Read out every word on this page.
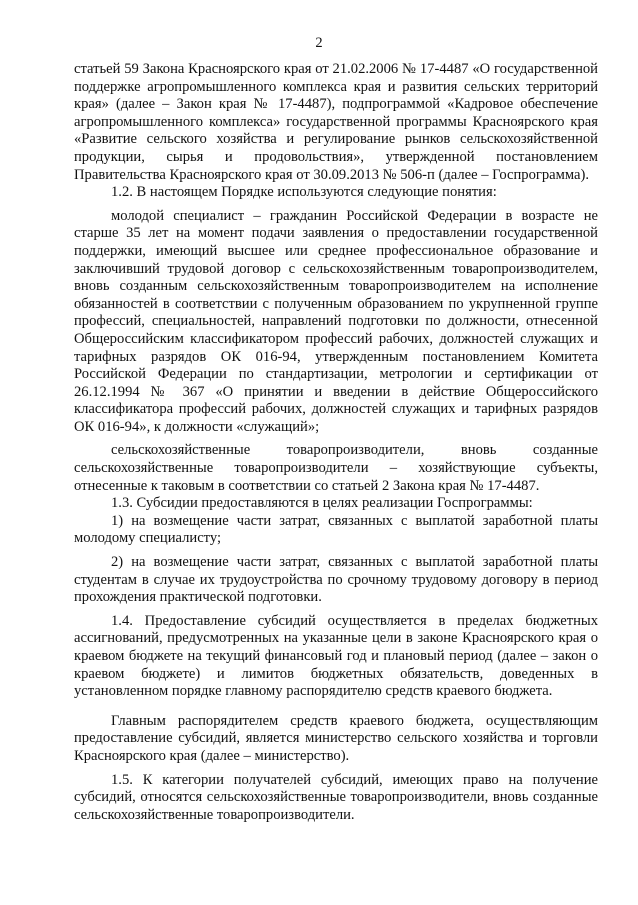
2

статьей 59 Закона Красноярского края от 21.02.2006 № 17-4487 «О государственной поддержке агропромышленного комплекса края и развития сельских территорий края» (далее – Закон края № 17-4487), подпрограммой «Кадровое обеспечение агропромышленного комплекса» государственной программы Красноярского края «Развитие сельского хозяйства и регулирование рынков сельскохозяйственной продукции, сырья и продовольствия», утвержденной постановлением Правительства Красноярского края от 30.09.2013 № 506-п (далее – Госпрограмма).

1.2. В настоящем Порядке используются следующие понятия:

молодой специалист – гражданин Российской Федерации в возрасте не старше 35 лет на момент подачи заявления о предоставлении государственной поддержки, имеющий высшее или среднее профессиональное образование и заключивший трудовой договор с сельскохозяйственным товаропроизводителем, вновь созданным сельскохозяйственным товаропроизводителем на исполнение обязанностей в соответствии с полученным образованием по укрупненной группе профессий, специальностей, направлений подготовки по должности, отнесенной Общероссийским классификатором профессий рабочих, должностей служащих и тарифных разрядов ОК 016-94, утвержденным постановлением Комитета Российской Федерации по стандартизации, метрологии и сертификации от 26.12.1994 № 367 «О принятии и введении в действие Общероссийского классификатора профессий рабочих, должностей служащих и тарифных разрядов ОК 016-94», к должности «служащий»;

сельскохозяйственные товаропроизводители, вновь созданные сельскохозяйственные товаропроизводители – хозяйствующие субъекты, отнесенные к таковым в соответствии со статьей 2 Закона края № 17-4487.

1.3. Субсидии предоставляются в целях реализации Госпрограммы:

1) на возмещение части затрат, связанных с выплатой заработной платы молодому специалисту;

2) на возмещение части затрат, связанных с выплатой заработной платы студентам в случае их трудоустройства по срочному трудовому договору в период прохождения практической подготовки.

1.4. Предоставление субсидий осуществляется в пределах бюджетных ассигнований, предусмотренных на указанные цели в законе Красноярского края о краевом бюджете на текущий финансовый год и плановый период (далее – закон о краевом бюджете) и лимитов бюджетных обязательств, доведенных в установленном порядке главному распорядителю средств краевого бюджета.

Главным распорядителем средств краевого бюджета, осуществляющим предоставление субсидий, является министерство сельского хозяйства и торговли Красноярского края (далее – министерство).

1.5. К категории получателей субсидий, имеющих право на получение субсидий, относятся сельскохозяйственные товаропроизводители, вновь созданные сельскохозяйственные товаропроизводители.
